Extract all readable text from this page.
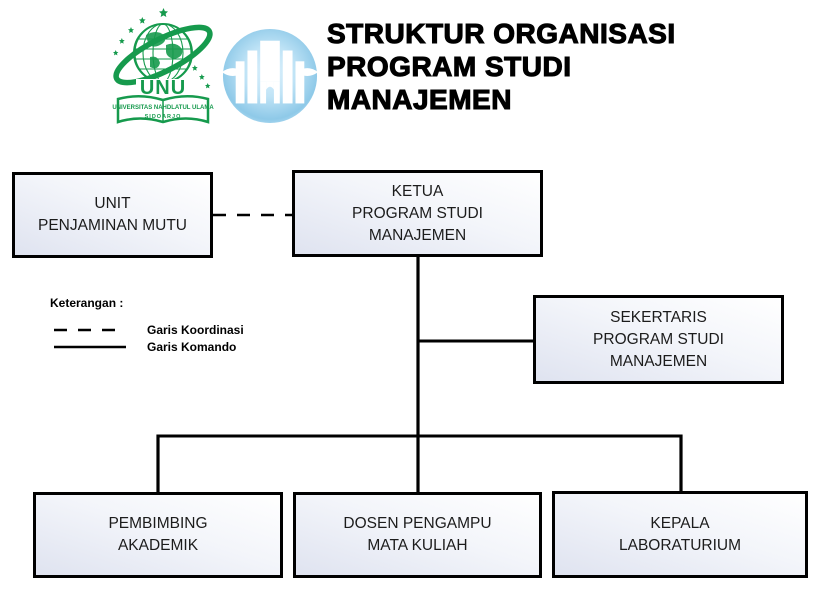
UNU
UNIVERSITAS NAHDLATUL ULAMA
SIDOARJO
STRUKTUR ORGANISASI
PROGRAM STUDI
MANAJEMEN
UNIT
PENJAMINAN MUTU
KETUA
PROGRAM STUDI
MANAJEMEN
SEKERTARIS
PROGRAM STUDI
MANAJEMEN
PEMBIMBING
AKADEMIK
DOSEN PENGAMPU
MATA KULIAH
KEPALA
LABORATURIUM
Keterangan :
Garis Koordinasi
Garis Komando
